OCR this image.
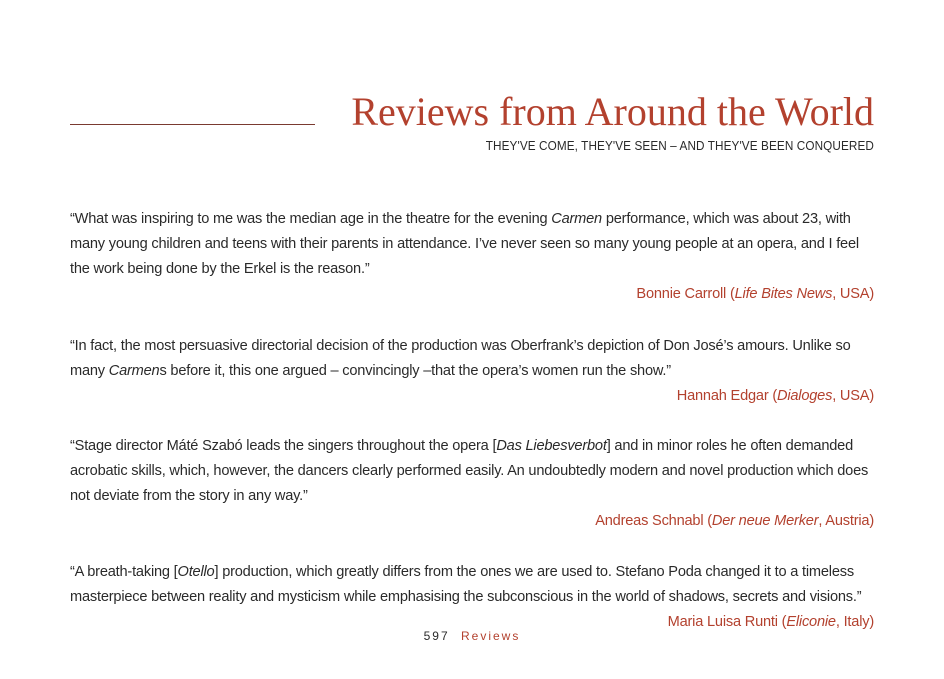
Reviews from Around the World
THEY'VE COME, THEY'VE SEEN – AND THEY'VE BEEN CONQUERED

“What was inspiring to me was the median age in the theatre for the evening Carmen performance, which was about 23, with many young children and teens with their parents in attendance. I’ve never seen so many young people at an opera, and I feel the work being done by the Erkel is the reason.”

Bonnie Carroll (Life Bites News, USA)

“In fact, the most persuasive directorial decision of the production was Oberfrank’s depiction of Don José’s amours. Unlike so many Carmens before it, this one argued – convincingly –that the opera’s women run the show.”

Hannah Edgar (Dialoges, USA)

“Stage director Máté Szabó leads the singers throughout the opera [Das Liebesverbot] and in minor roles he often demanded acrobatic skills, which, however, the dancers clearly performed easily. An undoubtedly modern and novel production which does not deviate from the story in any way.”

Andreas Schnabl (Der neue Merker, Austria)

“A breath-taking [Otello] production, which greatly differs from the ones we are used to. Stefano Poda changed it to a timeless masterpiece between reality and mysticism while emphasising the subconscious in the world of shadows, secrets and visions.”

Maria Luisa Runti (Eliconie, Italy)

597 Reviews
